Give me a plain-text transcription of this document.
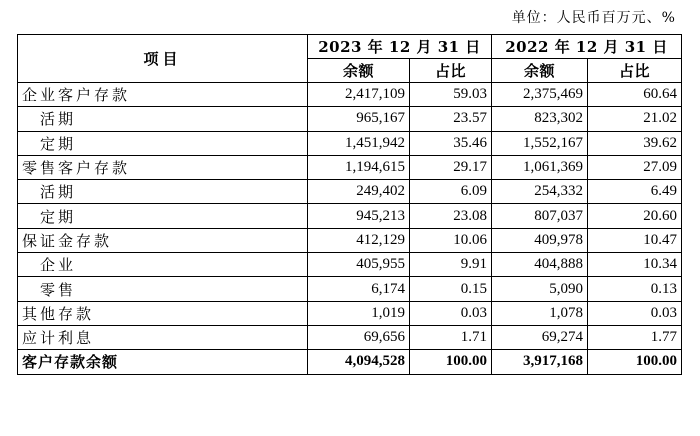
单位：人民币百万元、%
项目	2023 年 12 月 31 日		2022 年 12 月 31 日	
	余额	占比	余额	占比
企业客户存款	2,417,109	59.03	2,375,469	60.64
活期	965,167	23.57	823,302	21.02
定期	1,451,942	35.46	1,552,167	39.62
零售客户存款	1,194,615	29.17	1,061,369	27.09
活期	249,402	6.09	254,332	6.49
定期	945,213	23.08	807,037	20.60
保证金存款	412,129	10.06	409,978	10.47
企业	405,955	9.91	404,888	10.34
零售	6,174	0.15	5,090	0.13
其他存款	1,019	0.03	1,078	0.03
应计利息	69,656	1.71	69,274	1.77
客户存款余额	4,094,528	100.00	3,917,168	100.00
